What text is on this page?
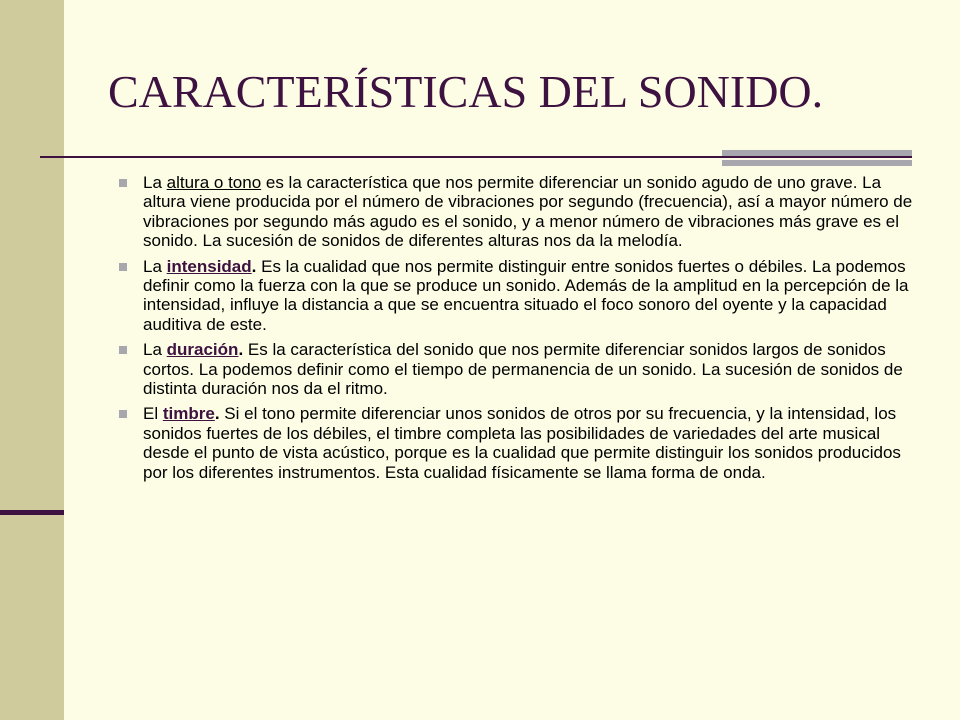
CARACTERÍSTICAS DEL SONIDO.
La altura o tono es la característica que nos permite diferenciar un sonido agudo de uno grave. La altura viene producida por el número de vibraciones por segundo (frecuencia), así a mayor número de vibraciones por segundo más agudo es el sonido, y a menor número de vibraciones más grave es el sonido. La sucesión de sonidos de diferentes alturas nos da la melodía.
La intensidad. Es la cualidad que nos permite distinguir entre sonidos fuertes o débiles. La podemos definir como la fuerza con la que se produce un sonido. Además de la amplitud en la percepción de la intensidad, influye la distancia a que se encuentra situado el foco sonoro del oyente y la capacidad auditiva de este.
La duración. Es la característica del sonido que nos permite diferenciar sonidos largos de sonidos cortos. La podemos definir como el tiempo de permanencia de un sonido. La sucesión de sonidos de distinta duración nos da el ritmo.
El timbre. Si el tono permite diferenciar unos sonidos de otros por su frecuencia, y la intensidad, los sonidos fuertes de los débiles, el timbre completa las posibilidades de variedades del arte musical desde el punto de vista acústico, porque es la cualidad que permite distinguir los sonidos producidos por los diferentes instrumentos. Esta cualidad físicamente se llama forma de onda.
